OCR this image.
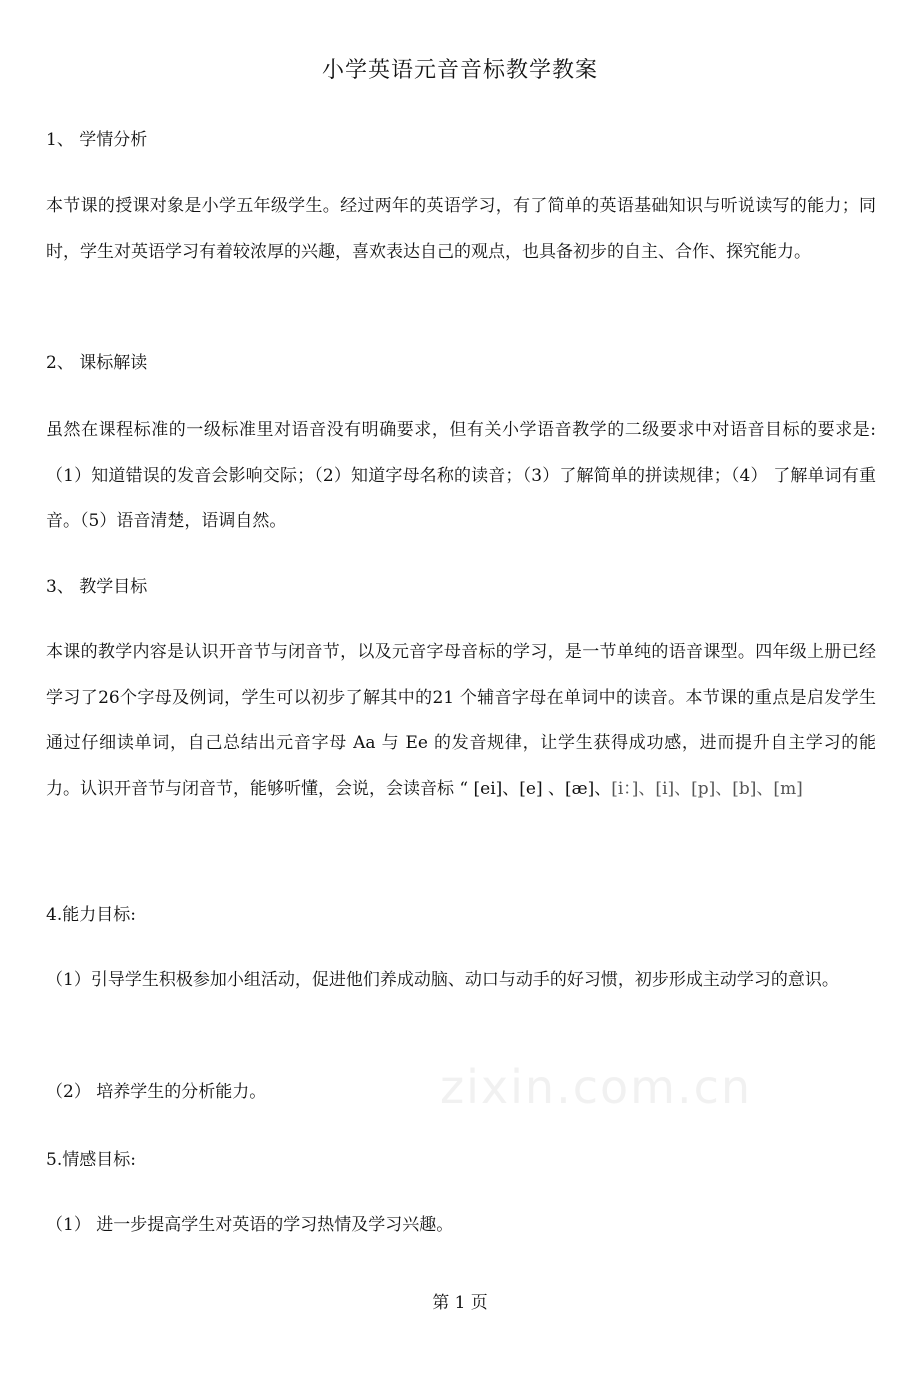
小学英语元音音标教学教案
1、 学情分析
本节课的授课对象是小学五年级学生。经过两年的英语学习，有了简单的英语基础知识与听说读写的能力；同时，学生对英语学习有着较浓厚的兴趣，喜欢表达自己的观点，也具备初步的自主、合作、探究能力。
2、 课标解读
虽然在课程标准的一级标准里对语音没有明确要求，但有关小学语音教学的二级要求中对语音目标的要求是:（1）知道错误的发音会影响交际；（2）知道字母名称的读音；（3）了解简单的拼读规律；（4） 了解单词有重音。（5）语音清楚，语调自然。
3、 教学目标
本课的教学内容是认识开音节与闭音节，以及元音字母音标的学习，是一节单纯的语音课型。四年级上册已经学习了26个字母及例词，学生可以初步了解其中的21 个辅音字母在单词中的读音。本节课的重点是启发学生通过仔细读单词，自己总结出元音字母 Aa 与 Ee 的发音规律，让学生获得成功感，进而提升自主学习的能力。认识开音节与闭音节，能够听懂，会说，会读音标 “ [ei]、[e] 、[æ]、[i：]、[i]、[p]、[b]、[m]
4.能力目标:
（1）引导学生积极参加小组活动，促进他们养成动脑、动口与动手的好习惯，初步形成主动学习的意识。
（2） 培养学生的分析能力。
5.情感目标:
（1） 进一步提高学生对英语的学习热情及学习兴趣。
zixin.com.cn
第 1 页
